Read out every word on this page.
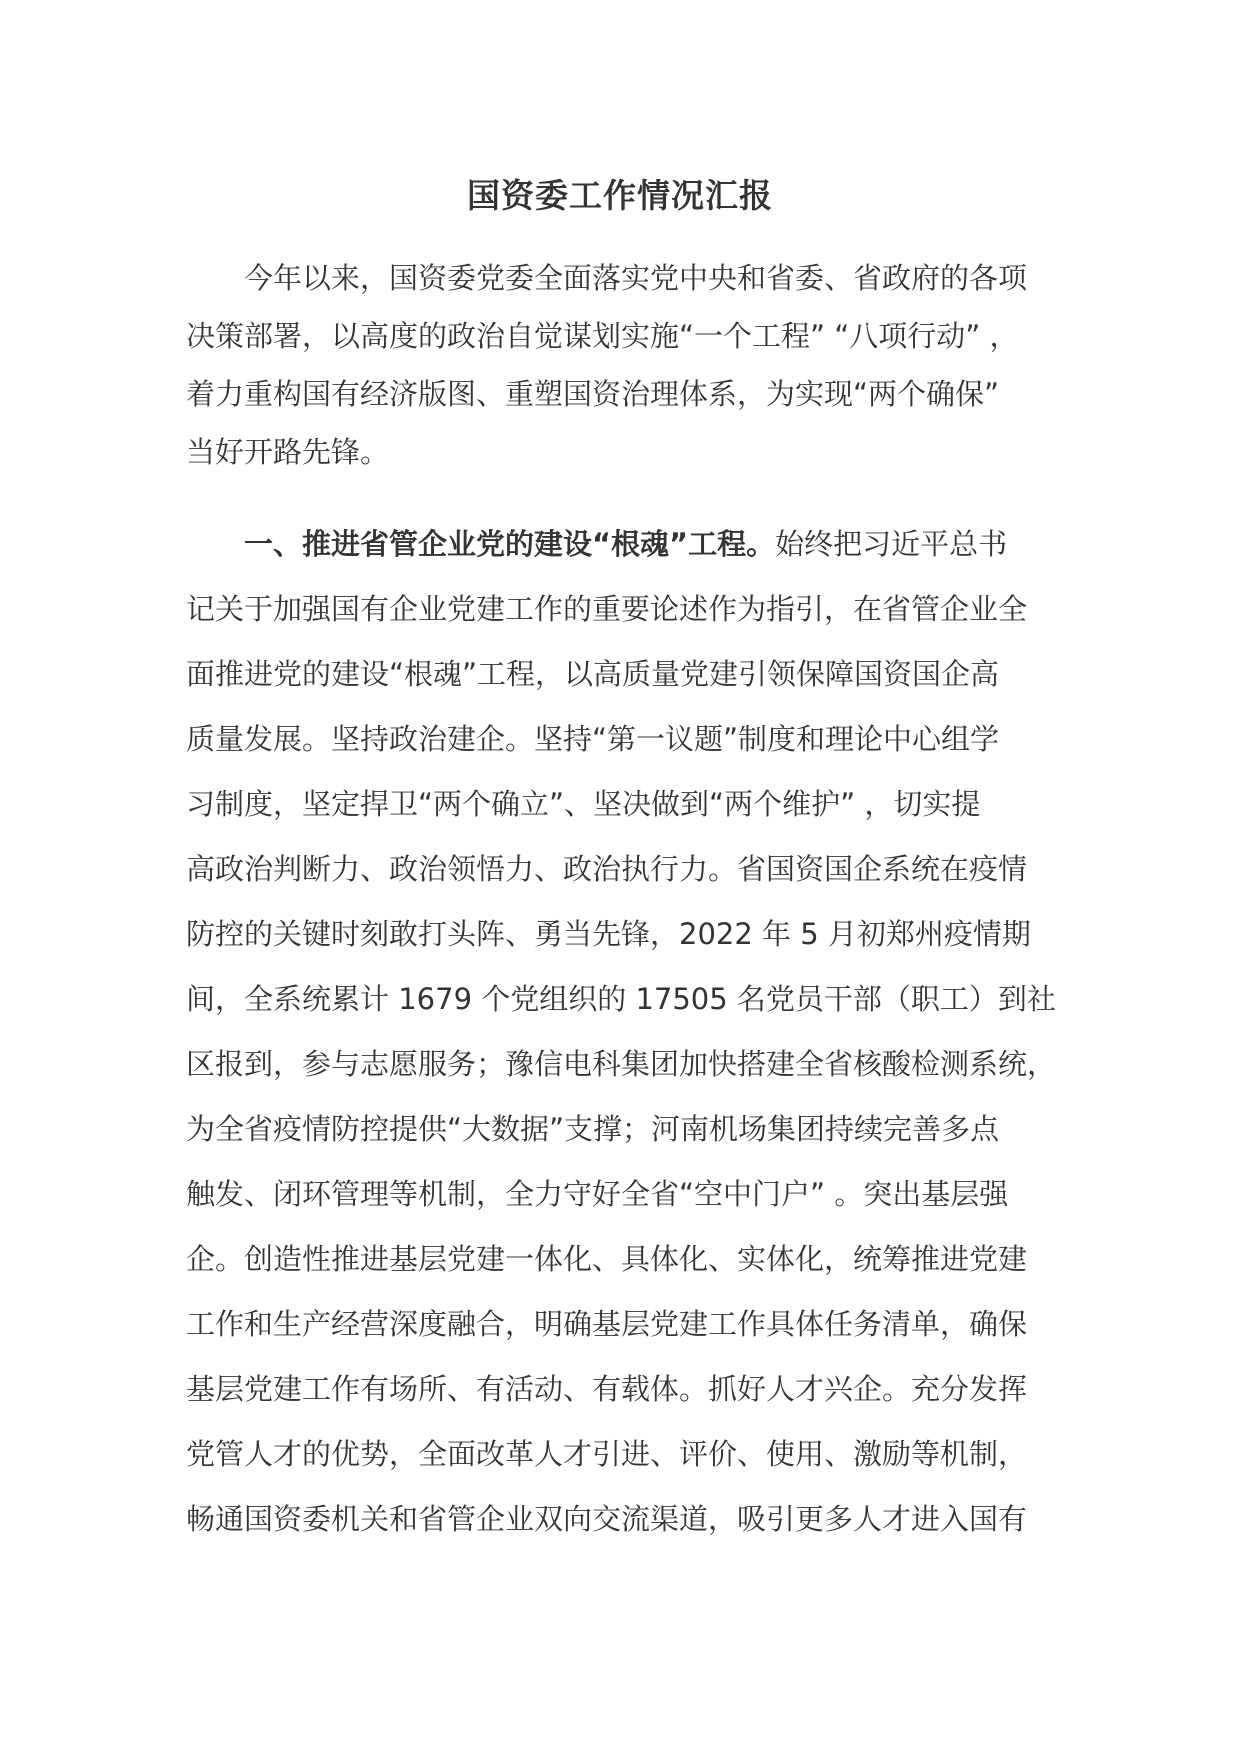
国资委工作情况汇报
今年以来，国资委党委全面落实党中央和省委、省政府的各项
决策部署，以高度的政治自觉谋划实施“一个工程” “八项行动” ，
着力重构国有经济版图、重塑国资治理体系，为实现“两个确保”
当好开路先锋。
一、推进省管企业党的建设“根魂”工程。始终把习近平总书
记关于加强国有企业党建工作的重要论述作为指引，在省管企业全
面推进党的建设“根魂”工程，以高质量党建引领保障国资国企高
质量发展。坚持政治建企。坚持“第一议题”制度和理论中心组学
习制度，坚定捍卫“两个确立”、坚决做到“两个维护” ，切实提
高政治判断力、政治领悟力、政治执行力。省国资国企系统在疫情
防控的关键时刻敢打头阵、勇当先锋，2022 年 5 月初郑州疫情期
间，全系统累计 1679 个党组织的 17505 名党员干部（职工）到社
区报到，参与志愿服务；豫信电科集团加快搭建全省核酸检测系统，
为全省疫情防控提供“大数据”支撑；河南机场集团持续完善多点
触发、闭环管理等机制，全力守好全省“空中门户” 。突出基层强
企。创造性推进基层党建一体化、具体化、实体化，统筹推进党建
工作和生产经营深度融合，明确基层党建工作具体任务清单，确保
基层党建工作有场所、有活动、有载体。抓好人才兴企。充分发挥
党管人才的优势，全面改革人才引进、评价、使用、激励等机制，
畅通国资委机关和省管企业双向交流渠道，吸引更多人才进入国有
